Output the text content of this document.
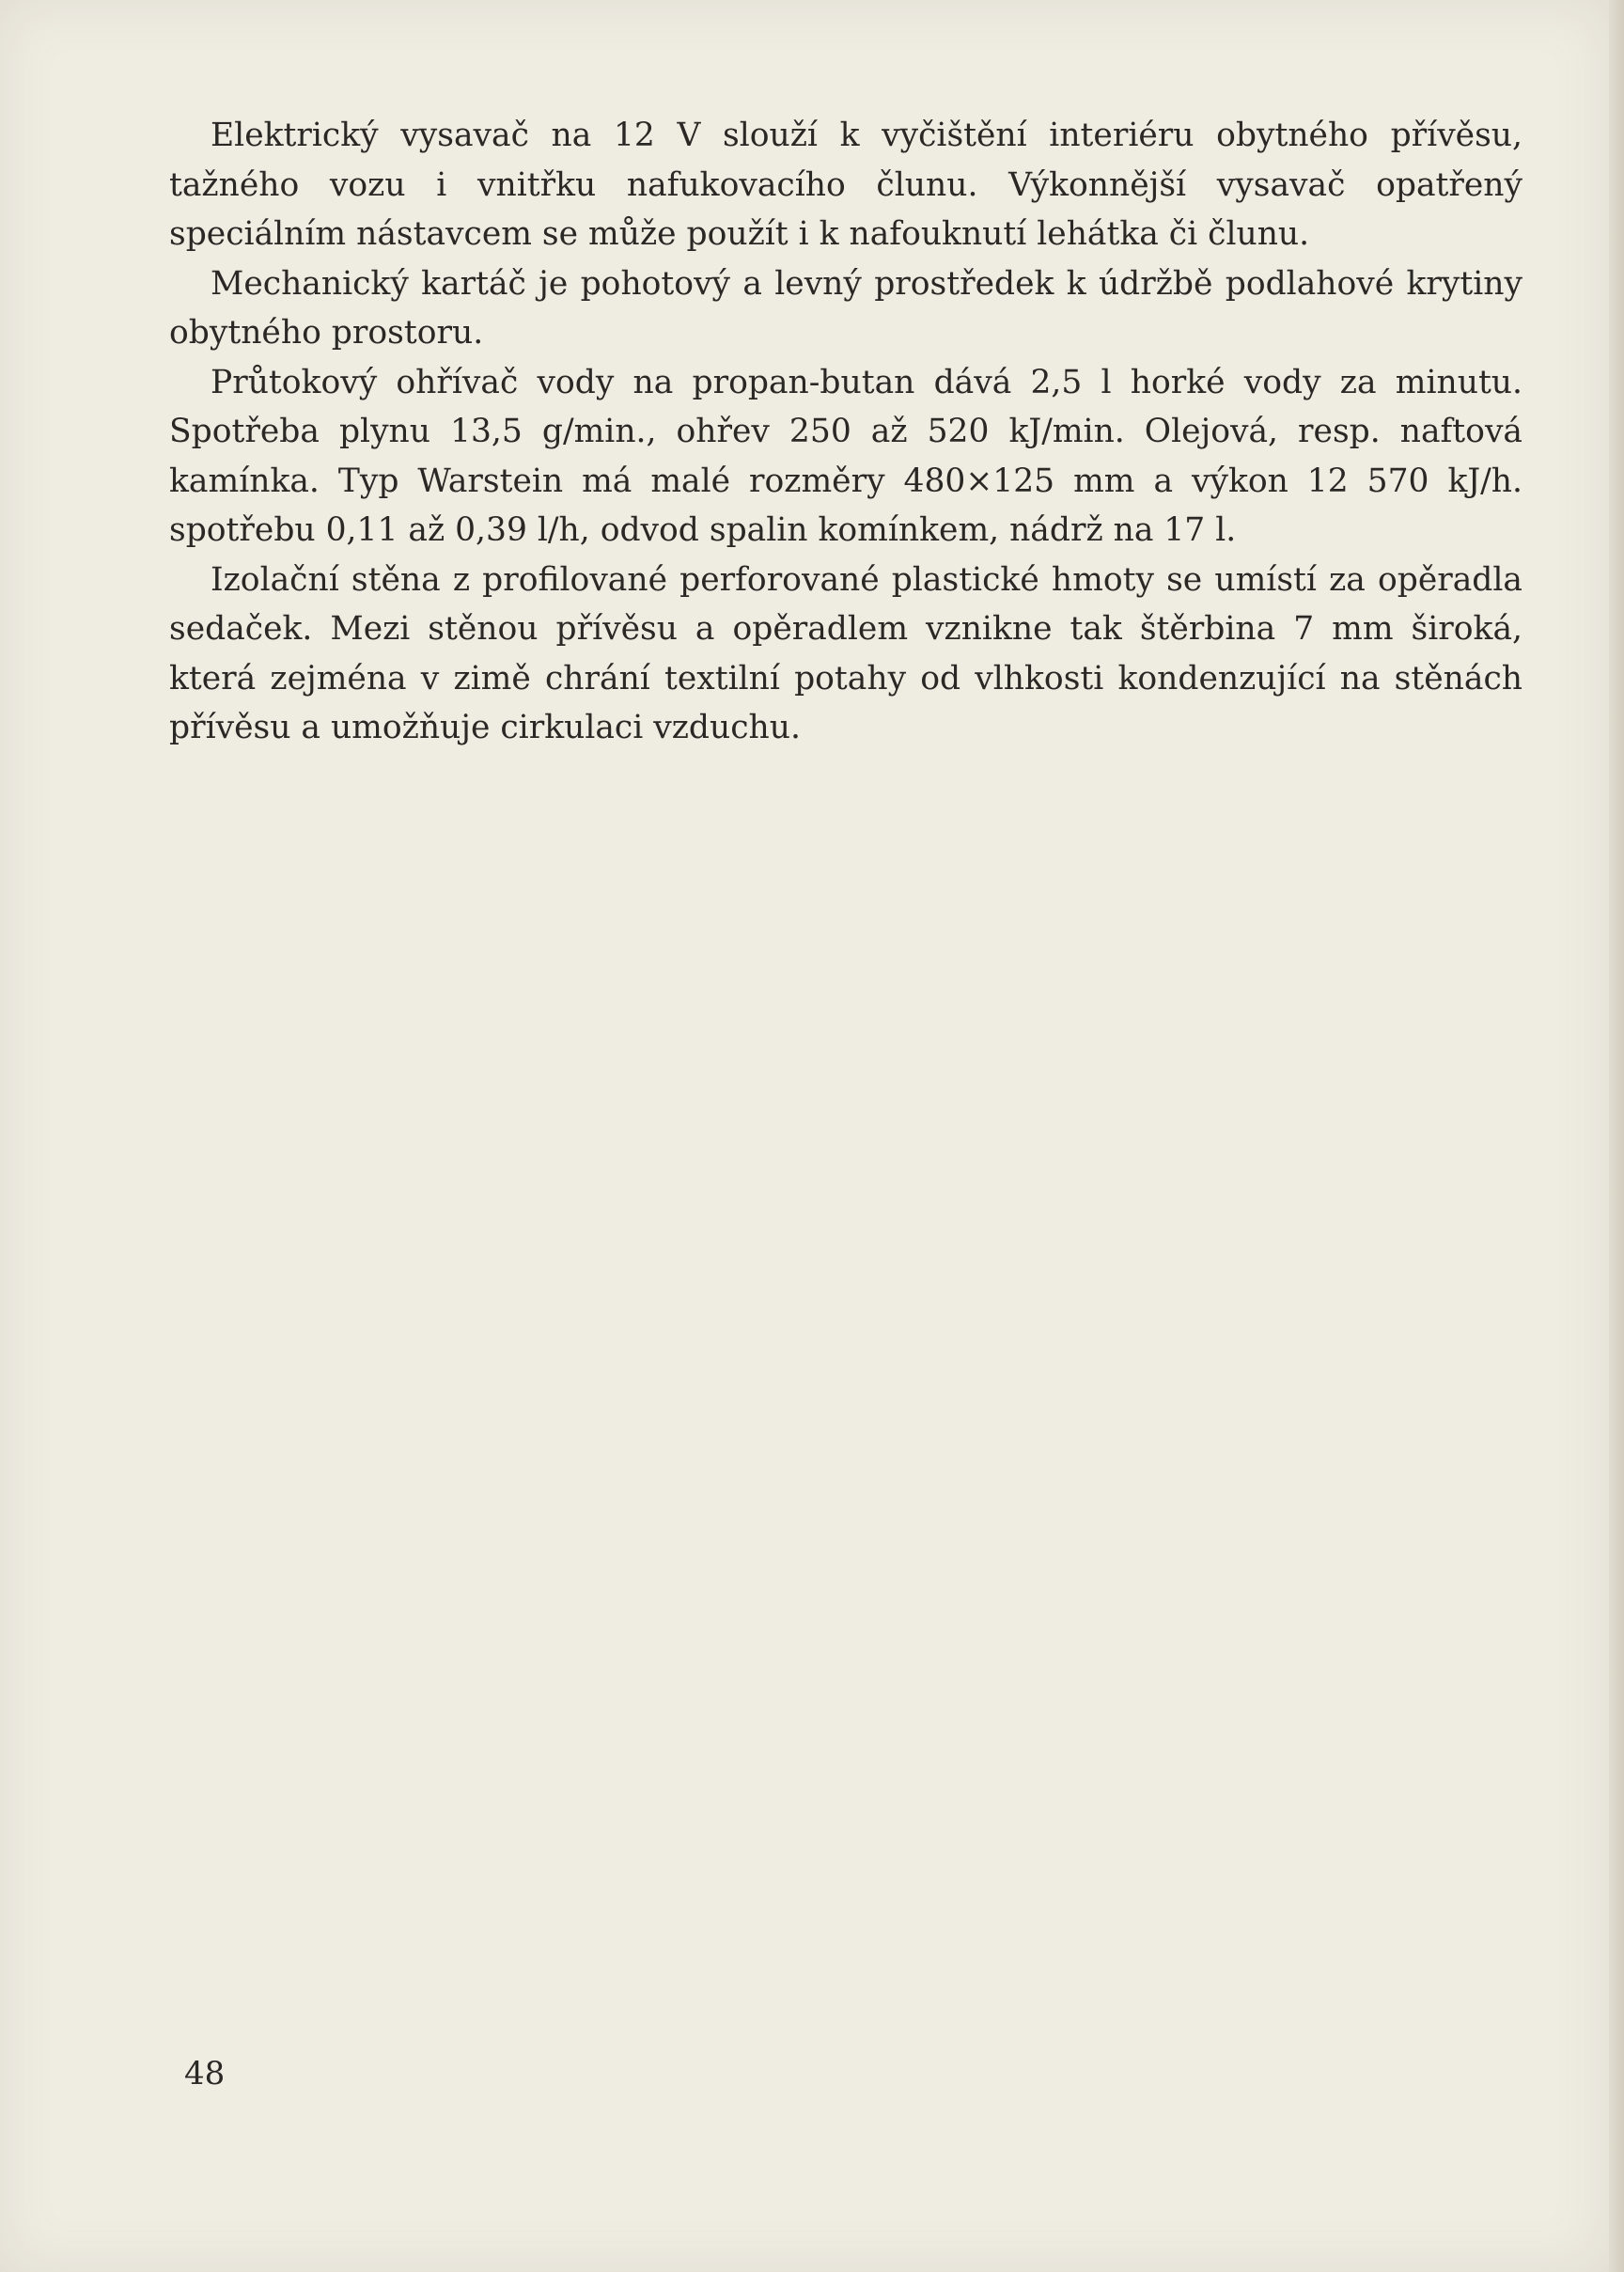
Elektrický vysavač na 12 V slouží k vyčištění interiéru obytného přívěsu, tažného vozu i vnitřku nafukovacího člunu. Výkonnější vysavač opatřený speciálním nástavcem se může použít i k nafouknutí lehátka či člunu.

Mechanický kartáč je pohotový a levný prostředek k údržbě podlahové krytiny obytného prostoru.

Průtokový ohřívač vody na propan-butan dává 2,5 l horké vody za minutu. Spotřeba plynu 13,5 g/min., ohřev 250 až 520 kJ/min. Olejová, resp. naftová kamínka. Typ Warstein má malé rozměry 480×125 mm a výkon 12 570 kJ/h. spotřebu 0,11 až 0,39 l/h, odvod spalin komínkem, nádrž na 17 l.

Izolační stěna z profilované perforované plastické hmoty se umístí za opěradla sedaček. Mezi stěnou přívěsu a opěradlem vznikne tak štěrbina 7 mm široká, která zejména v zimě chrání textilní potahy od vlhkosti kondenzující na stěnách přívěsu a umožňuje cirkulaci vzduchu.

48
